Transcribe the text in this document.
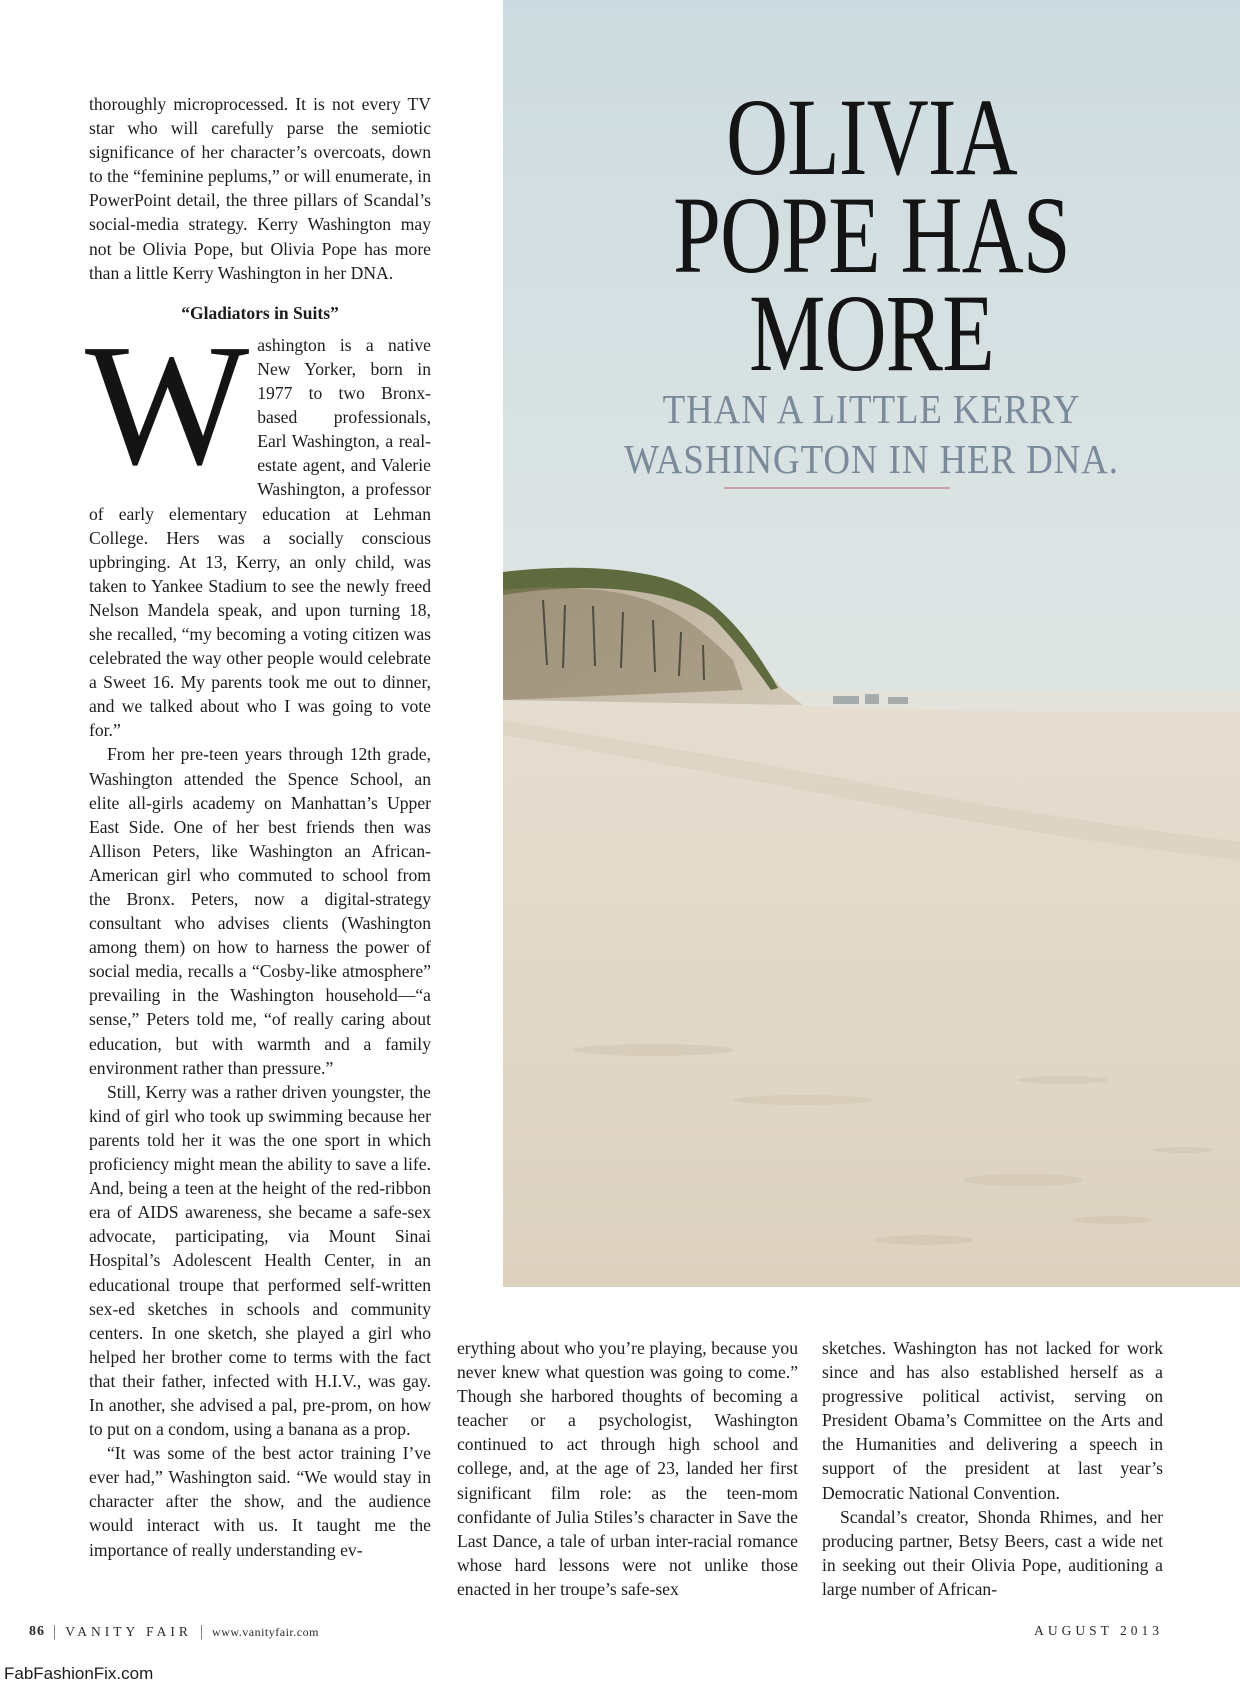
OLIVIA
POPE HAS
MORE
THAN A LITTLE KERRY
WASHINGTON IN HER DNA.

thoroughly microprocessed. It is not every TV star who will carefully parse the semiotic significance of her character’s overcoats, down to the “feminine peplums,” or will enumerate, in PowerPoint detail, the three pillars of Scandal’s social-media strategy. Kerry Washington may not be Olivia Pope, but Olivia Pope has more than a little Kerry Washington in her DNA.

“Gladiators in Suits”
W ashington is a native New Yorker, born in 1977 to two Bronx-based professionals, Earl Washington, a real-estate agent, and Valerie Washington, a professor of early elementary education at Lehman College. Hers was a socially conscious upbringing. At 13, Kerry, an only child, was taken to Yankee Stadium to see the newly freed Nelson Mandela speak, and upon turning 18, she recalled, “my becoming a voting citizen was celebrated the way other people would celebrate a Sweet 16. My parents took me out to dinner, and we talked about who I was going to vote for.”

From her pre-teen years through 12th grade, Washington attended the Spence School, an elite all-girls academy on Manhattan’s Upper East Side. One of her best friends then was Allison Peters, like Washington an African-American girl who commuted to school from the Bronx. Peters, now a digital-strategy consultant who advises clients (Washington among them) on how to harness the power of social media, recalls a “Cosby-like atmosphere” prevailing in the Washington household—“a sense,” Peters told me, “of really caring about education, but with warmth and a family environment rather than pressure.”

Still, Kerry was a rather driven youngster, the kind of girl who took up swimming because her parents told her it was the one sport in which proficiency might mean the ability to save a life. And, being a teen at the height of the red-ribbon era of AIDS awareness, she became a safe-sex advocate, participating, via Mount Sinai Hospital’s Adolescent Health Center, in an educational troupe that performed self-written sex-ed sketches in schools and community centers. In one sketch, she played a girl who helped her brother come to terms with the fact that their father, infected with H.I.V., was gay. In another, she advised a pal, pre-prom, on how to put on a condom, using a banana as a prop.

“It was some of the best actor training I’ve ever had,” Washington said. “We would stay in character after the show, and the audience would interact with us. It taught me the importance of really understanding ev-

erything about who you’re playing, because you never knew what question was going to come.” Though she harbored thoughts of becoming a teacher or a psychologist, Washington continued to act through high school and college, and, at the age of 23, landed her first significant film role: as the teen-mom confidante of Julia Stiles’s character in Save the Last Dance, a tale of urban inter-racial romance whose hard lessons were not unlike those enacted in her troupe’s safe-sex

sketches. Washington has not lacked for work since and has also established herself as a progressive political activist, serving on President Obama’s Committee on the Arts and the Humanities and delivering a speech in support of the president at last year’s Democratic National Convention.

Scandal’s creator, Shonda Rhimes, and her producing partner, Betsy Beers, cast a wide net in seeking out their Olivia Pope, auditioning a large number of African-

86 | VANITY FAIR | www.vanityfair.com	AUGUST 2013
FabFashionFix.com
